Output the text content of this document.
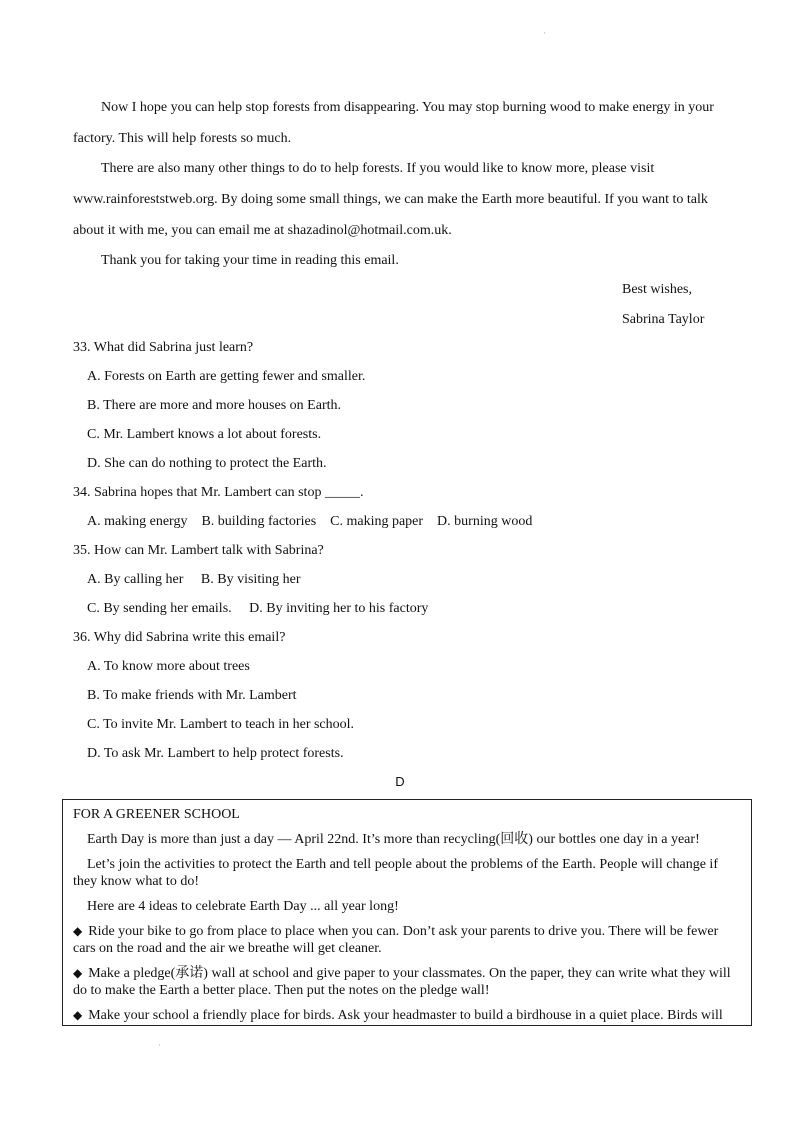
·
Now I hope you can help stop forests from disappearing. You may stop burning wood to make energy in your
factory. This will help forests so much.
There are also many other things to do to help forests. If you would like to know more, please visit
www.rainforeststweb.org. By doing some small things, we can make the Earth more beautiful. If you want to talk
about it with me, you can email me at shazadinol@hotmail.com.uk.
Thank you for taking your time in reading this email.
Best wishes,
Sabrina Taylor
33. What did Sabrina just learn?
A. Forests on Earth are getting fewer and smaller.
B. There are more and more houses on Earth.
C. Mr. Lambert knows a lot about forests.
D. She can do nothing to protect the Earth.
34. Sabrina hopes that Mr. Lambert can stop _____.
A. making energy    B. building factories    C. making paper    D. burning wood
35. How can Mr. Lambert talk with Sabrina?
A. By calling her     B. By visiting her
C. By sending her emails.     D. By inviting her to his factory
36. Why did Sabrina write this email?
A. To know more about trees
B. To make friends with Mr. Lambert
C. To invite Mr. Lambert to teach in her school.
D. To ask Mr. Lambert to help protect forests.
D

FOR A GREENER SCHOOL

Earth Day is more than just a day — April 22nd. It’s more than recycling(回收) our bottles one day in a year!

Let’s join the activities to protect the Earth and tell people about the problems of the Earth. People will change if they know what to do!

Here are 4 ideas to celebrate Earth Day ... all year long!

◆ Ride your bike to go from place to place when you can. Don’t ask your parents to drive you. There will be fewer cars on the road and the air we breathe will get cleaner.

◆ Make a pledge(承诺) wall at school and give paper to your classmates. On the paper, they can write what they will do to make the Earth a better place. Then put the notes on the pledge wall!

◆ Make your school a friendly place for birds. Ask your headmaster to build a birdhouse in a quiet place. Birds will

·
